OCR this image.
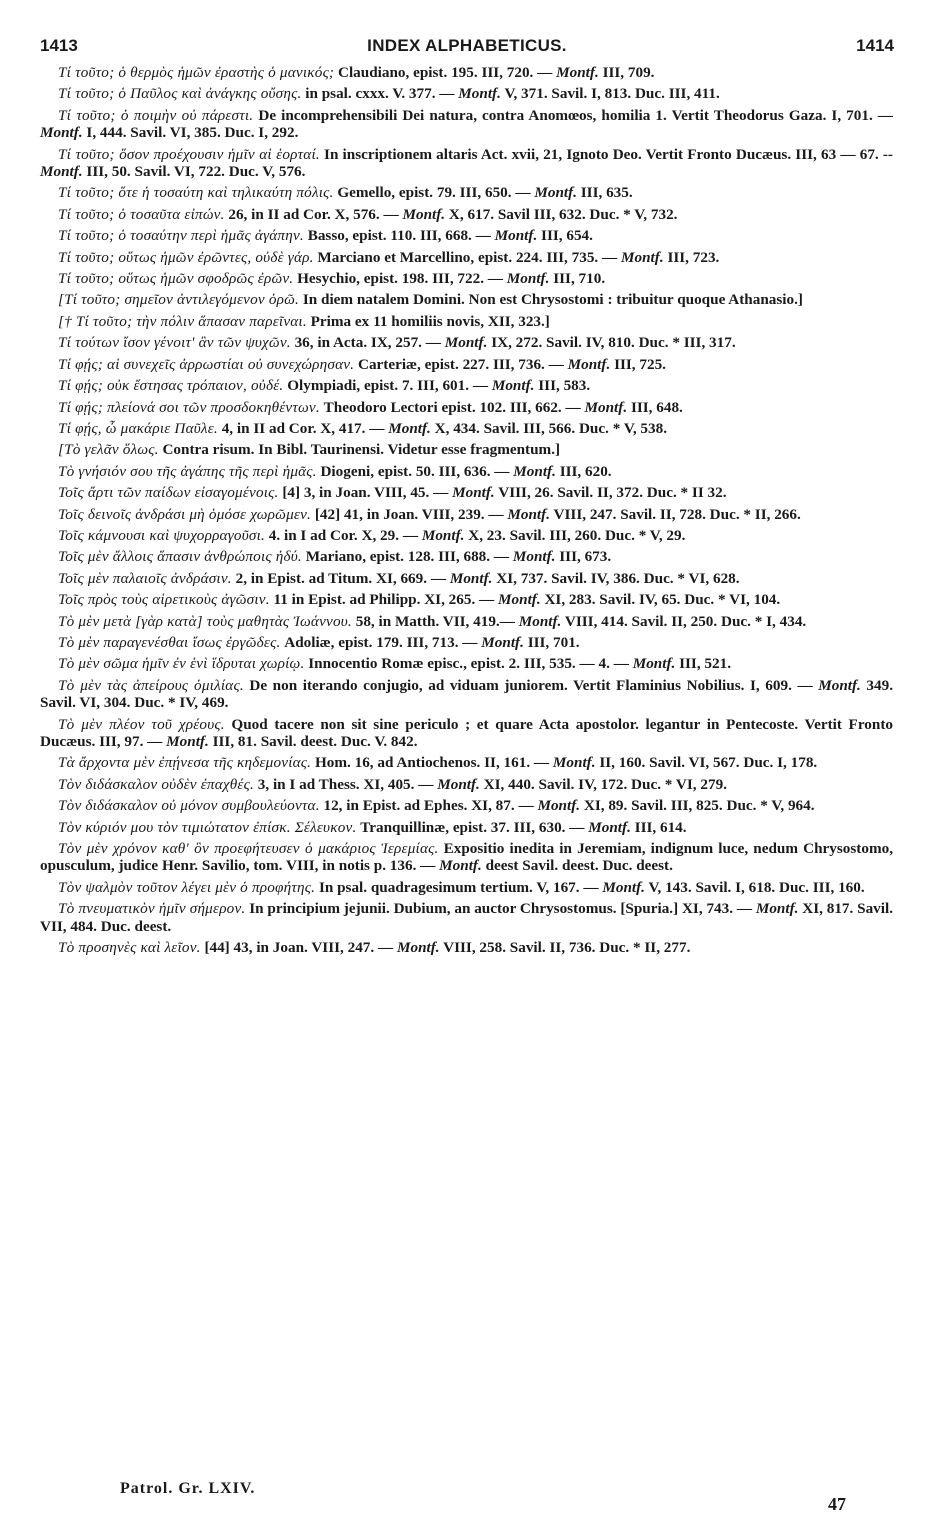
1413	INDEX ALPHABETICUS.	1414

Τί τοῦτο; ὁ θερμὸς ἡμῶν ἐραστὴς ὁ μανικός; Claudiano, epist. 195. III, 720. — Montf. III, 709.

Τί τοῦτο; ὁ Παῦλος καὶ ἀνάγκης οὔσης. in psal. cxxx. V. 377. — Montf. V, 371. Savil. I, 813. Duc. III, 411.

Τί τοῦτο; ὁ ποιμὴν οὐ πάρεστι. De incomprehensibili Dei natura, contra Anomœos, homilia 1. Vertit Theodorus Gaza. I, 701. — Montf. I, 444. Savil. VI, 385. Duc. I, 292.

Τί τοῦτο; ὅσον προέχουσιν ἡμῖν αἱ ἑορταί. In inscriptionem altaris Act. xvii, 21, Ignoto Deo. Vertit Fronto Ducæus. III, 63 — 67. -- Montf. III, 50. Savil. VI, 722. Duc. V, 576.

Τί τοῦτο; ὅτε ἡ τοσαύτη καὶ τηλικαύτη πόλις. Gemello, epist. 79. III, 650. — Montf. III, 635.

Τί τοῦτο; ὁ τοσαῦτα εἰπών. 26, in II ad Cor. X, 576. — Montf. X, 617. Savil III, 632. Duc. * V, 732.

Τί τοῦτο; ὁ τοσαύτην περὶ ἡμᾶς ἀγάπην. Basso, epist. 110. III, 668. — Montf. III, 654.

Τί τοῦτο; οὕτως ἡμῶν ἐρῶντες, οὐδὲ γάρ. Marciano et Marcellino, epist. 224. III, 735. — Montf. III, 723.

Τί τοῦτο; οὕτως ἡμῶν σφοδρῶς ἐρῶν. Hesychio, epist. 198. III, 722. — Montf. III, 710.

[Τί τοῦτο; σημεῖον ἀντιλεγόμενον ὁρῶ. In diem natalem Domini. Non est Chrysostomi : tribuitur quoque Athanasio.]

[† Τί τοῦτο; τὴν πόλιν ἅπασαν παρεῖναι. Prima ex 11 homiliis novis, XII, 323.]

Τί τούτων ἴσον γένοιτ' ἂν τῶν ψυχῶν. 36, in Acta. IX, 257. — Montf. IX, 272. Savil. IV, 810. Duc. * III, 317.

Τί φῄς; αἱ συνεχεῖς ἀρρωστίαι οὐ συνεχώρησαν. Carteriæ, epist. 227. III, 736. — Montf. III, 725.

Τί φῄς; οὐκ ἔστησας τρόπαιον, οὐδέ. Olympiadi, epist. 7. III, 601. — Montf. III, 583.

Τί φῄς; πλείονά σοι τῶν προσδοκηθέντων. Theodoro Lectori epist. 102. III, 662. — Montf. III, 648.

Τί φῄς, ὦ μακάριε Παῦλε. 4, in II ad Cor. X, 417. — Montf. X, 434. Savil. III, 566. Duc. * V, 538.

[Τὸ γελᾶν ὅλως. Contra risum. In Bibl. Taurinensi. Videtur esse fragmentum.]

Τὸ γνήσιόν σου τῆς ἀγάπης τῆς περὶ ἡμᾶς. Diogeni, epist. 50. III, 636. — Montf. III, 620.

Τοῖς ἄρτι τῶν παίδων εἰσαγομένοις. [4] 3, in Joan. VIII, 45. — Montf. VIII, 26. Savil. II, 372. Duc. * II 32.

Τοῖς δεινοῖς ἀνδράσι μὴ ὁμόσε χωρῶμεν. [42] 41, in Joan. VIII, 239. — Montf. VIII, 247. Savil. II, 728. Duc. * II, 266.

Τοῖς κάμνουσι καὶ ψυχορραγοῦσι. 4. in I ad Cor. X, 29. — Montf. X, 23. Savil. III, 260. Duc. * V, 29.

Τοῖς μὲν ἄλλοις ἅπασιν ἀνθρώποις ἡδύ. Mariano, epist. 128. III, 688. — Montf. III, 673.

Τοῖς μὲν παλαιοῖς ἀνδράσιν. 2, in Epist. ad Titum. XI, 669. — Montf. XI, 737. Savil. IV, 386. Duc. * VI, 628.

Τοῖς πρὸς τοὺς αἱρετικοὺς ἀγῶσιν. 11 in Epist. ad Philipp. XI, 265. — Montf. XI, 283. Savil. IV, 65. Duc. * VI, 104.

Τὸ μὲν μετὰ [γὰρ κατὰ] τοὺς μαθητὰς Ἰωάννου. 58, in Matth. VII, 419.— Montf. VIII, 414. Savil. II, 250. Duc. * I, 434.

Τὸ μὲν παραγενέσθαι ἴσως ἐργῶδες. Adoliæ, epist. 179. III, 713. — Montf. III, 701.

Τὸ μὲν σῶμα ἡμῖν ἐν ἑνὶ ἵδρυται χωρίῳ. Innocentio Romæ episc., epist. 2. III, 535. — 4. — Montf. III, 521.

Τὸ μὲν τὰς ἀπείρους ὁμιλίας. De non iterando conjugio, ad viduam juniorem. Vertit Flaminius Nobilius. I, 609. — Montf. 349. Savil. VI, 304. Duc. * IV, 469.

Τὸ μὲν πλέον τοῦ χρέους. Quod tacere non sit sine periculo ; et quare Acta apostolor. legantur in Pentecoste. Vertit Fronto Ducæus. III, 97. — Montf. III, 81. Savil. deest. Duc. V. 842.

Τὰ ἄρχοντα μὲν ἐπῄνεσα τῆς κηδεμονίας. Hom. 16, ad Antiochenos. II, 161. — Montf. II, 160. Savil. VI, 567. Duc. I, 178.

Τὸν διδάσκαλον οὐδὲν ἐπαχθές. 3, in I ad Thess. XI, 405. — Montf. XI, 440. Savil. IV, 172. Duc. * VI, 279.

Τὸν διδάσκαλον οὐ μόνον συμβουλεύοντα. 12, in Epist. ad Ephes. XI, 87. — Montf. XI, 89. Savil. III, 825. Duc. * V, 964.

Τὸν κύριόν μου τὸν τιμιώτατον ἐπίσκ. Σέλευκον. Tranquillinæ, epist. 37. III, 630. — Montf. III, 614.

Τὸν μὲν χρόνον καθ' ὃν προεφήτευσεν ὁ μακάριος Ἱερεμίας. Expositio inedita in Jeremiam, indignum luce, nedum Chrysostomo, opusculum, judice Henr. Savilio, tom. VIII, in notis p. 136. — Montf. deest Savil. deest. Duc. deest.

Τὸν ψαλμὸν τοῦτον λέγει μὲν ὁ προφήτης. In psal. quadragesimum tertium. V, 167. — Montf. V, 143. Savil. I, 618. Duc. III, 160.

Τὸ πνευματικὸν ἡμῖν σήμερον. In principium jejunii. Dubium, an auctor Chrysostomus. [Spuria.] XI, 743. — Montf. XI, 817. Savil. VII, 484. Duc. deest.

Τὸ προσηνὲς καὶ λεῖον. [44] 43, in Joan. VIII, 247. — Montf. VIII, 258. Savil. II, 736. Duc. * II, 277.

Patrol. Gr. LXIV.
47
